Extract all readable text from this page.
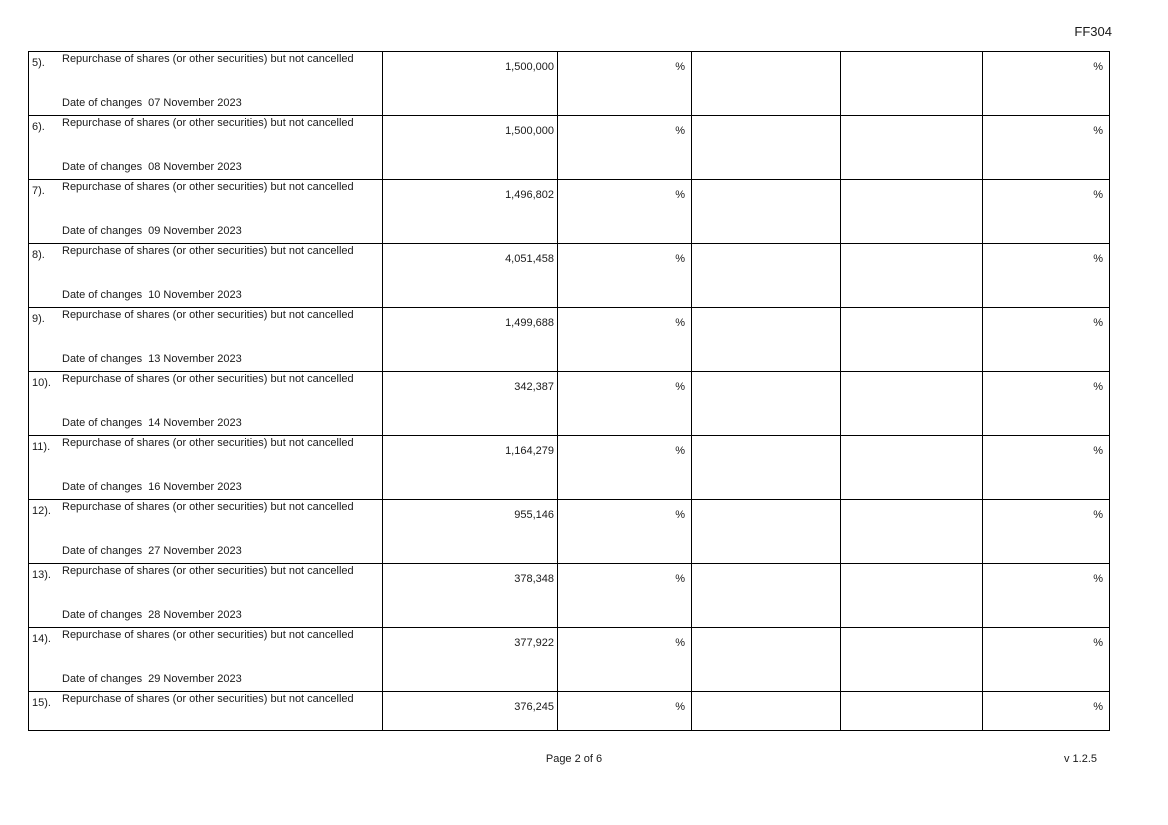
FF304
5). Repurchase of shares (or other securities) but not cancelled
Date of changes 07 November 2023	1,500,000	%			%

6). Repurchase of shares (or other securities) but not cancelled
Date of changes 08 November 2023	1,500,000	%			%

7). Repurchase of shares (or other securities) but not cancelled
Date of changes 09 November 2023	1,496,802	%			%

8). Repurchase of shares (or other securities) but not cancelled
Date of changes 10 November 2023	4,051,458	%			%

9). Repurchase of shares (or other securities) but not cancelled
Date of changes 13 November 2023	1,499,688	%			%

10). Repurchase of shares (or other securities) but not cancelled
Date of changes 14 November 2023	342,387	%			%

11). Repurchase of shares (or other securities) but not cancelled
Date of changes 16 November 2023	1,164,279	%			%

12). Repurchase of shares (or other securities) but not cancelled
Date of changes 27 November 2023	955,146	%			%

13). Repurchase of shares (or other securities) but not cancelled
Date of changes 28 November 2023	378,348	%			%

14). Repurchase of shares (or other securities) but not cancelled
Date of changes 29 November 2023	377,922	%			%

15). Repurchase of shares (or other securities) but not cancelled	376,245	%			%
Page 2 of 6	v 1.2.5
